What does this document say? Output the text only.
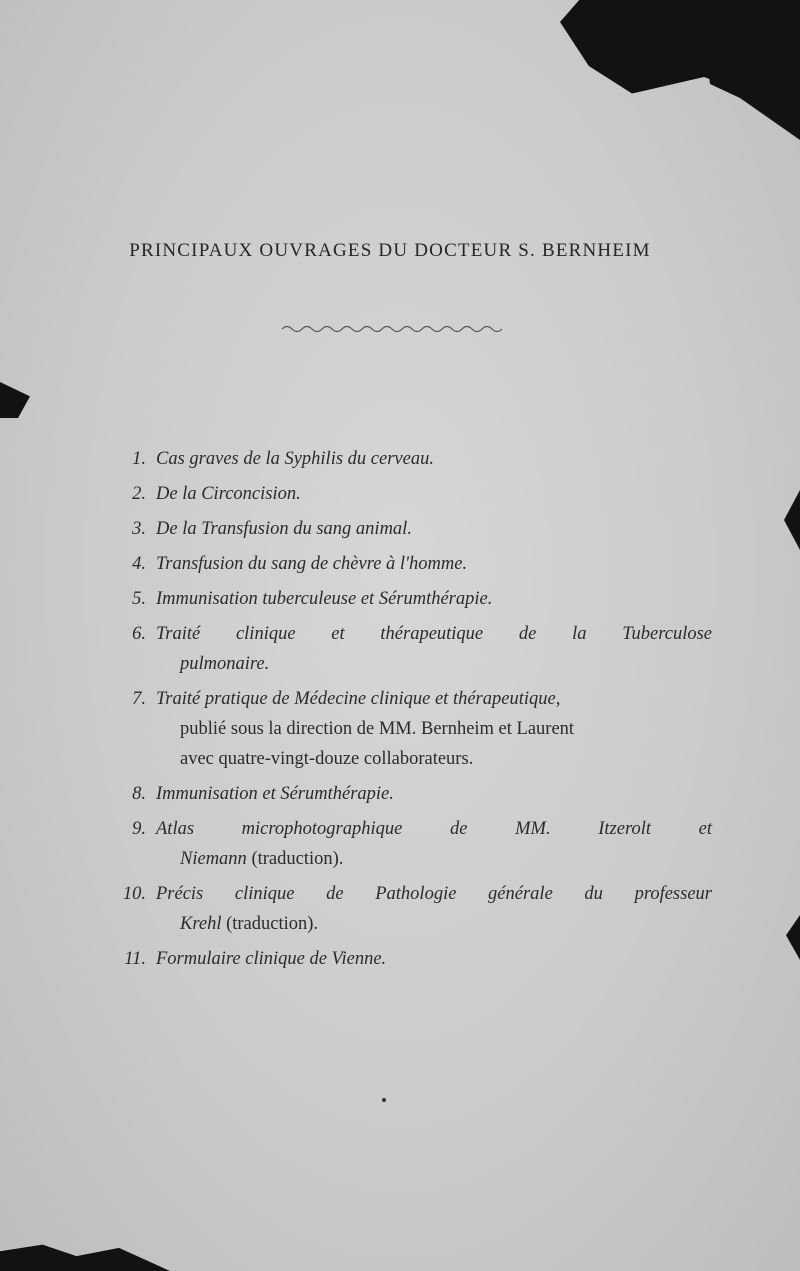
PRINCIPAUX OUVRAGES DU DOCTEUR S. BERNHEIM
1. Cas graves de la Syphilis du cerveau.
2. De la Circoncision.
3. De la Transfusion du sang animal.
4. Transfusion du sang de chèvre à l'homme.
5. Immunisation tuberculeuse et Sérumthérapie.
6. Traité clinique et thérapeutique de la Tuberculose
pulmonaire.
7. Traité pratique de Médecine clinique et thérapeutique,
publié sous la direction de MM. Bernheim et Laurent
avec quatre-vingt-douze collaborateurs.
8. Immunisation et Sérumthérapie.
9. Atlas microphotographique de MM. Itzerolt et
Niemann (traduction).
10. Précis clinique de Pathologie générale du professeur
Krehl (traduction).
11. Formulaire clinique de Vienne.
